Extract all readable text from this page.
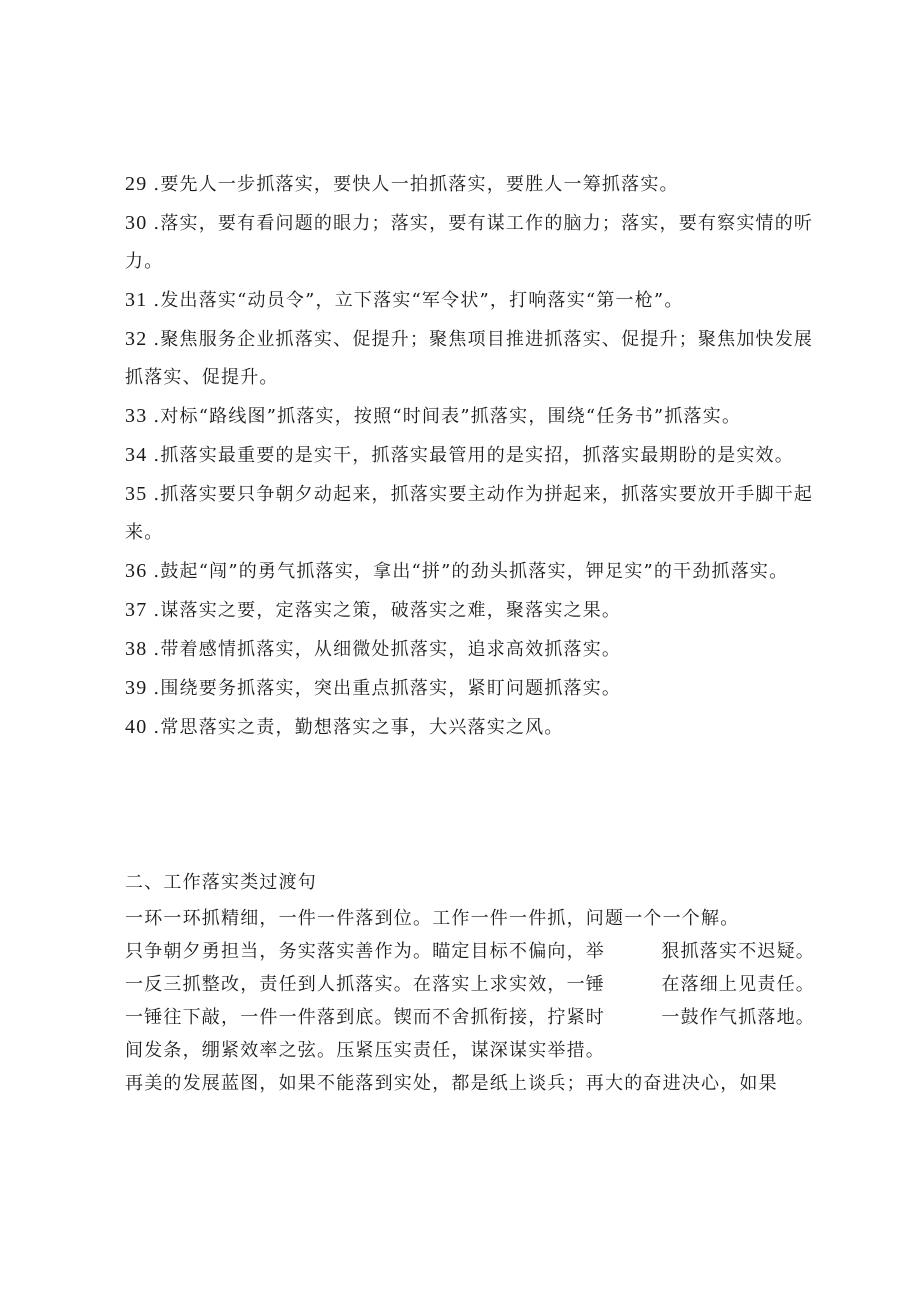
29 .要先人一步抓落实，要快人一拍抓落实，要胜人一筹抓落实。
30 .落实，要有看问题的眼力；落实，要有谋工作的脑力；落实，要有察实情的听力。
31 .发出落实“动员令”，立下落实“军令状”，打响落实“第一枪”。
32 .聚焦服务企业抓落实、促提升；聚焦项目推进抓落实、促提升；聚焦加快发展抓落实、促提升。
33 .对标“路线图”抓落实，按照“时间表”抓落实，围绕“任务书”抓落实。
34 .抓落实最重要的是实干，抓落实最管用的是实招，抓落实最期盼的是实效。
35 .抓落实要只争朝夕动起来，抓落实要主动作为拼起来，抓落实要放开手脚干起来。
36 .鼓起“闯”的勇气抓落实，拿出“拼”的劲头抓落实，钾足实”的干劲抓落实。
37 .谋落实之要，定落实之策，破落实之难，聚落实之果。
38 .带着感情抓落实，从细微处抓落实，追求高效抓落实。
39 .围绕要务抓落实，突出重点抓落实，紧盯问题抓落实。
40 .常思落实之责，勤想落实之事，大兴落实之风。

二、工作落实类过渡句

一环一环抓精细，一件一件落到位。工作一件一件抓，问题一个一个解。

只争朝夕勇担当，务实落实善作为。瞄定目标不偏向，举	狠抓落实不迟疑。
一反三抓整改，责任到人抓落实。在落实上求实效，一锤	在落细上见责任。
一锤往下敲，一件一件落到底。锲而不舍抓衔接，拧紧时	一鼓作气抓落地。

间发条，绷紧效率之弦。压紧压实责任，谋深谋实举措。

再美的发展蓝图，如果不能落到实处，都是纸上谈兵；再大的奋进决心，如果
